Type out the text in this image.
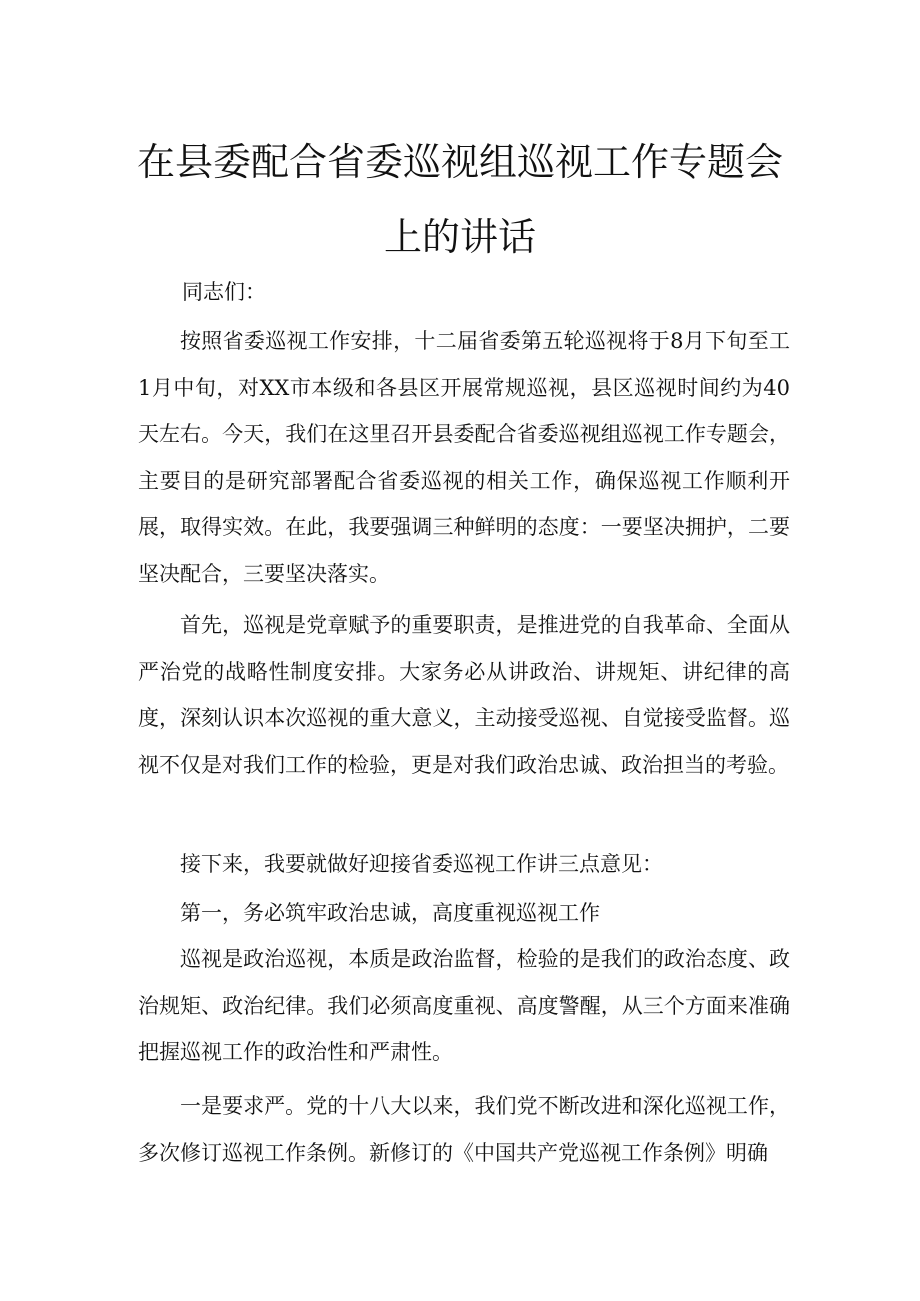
在县委配合省委巡视组巡视工作专题会
上的讲话
同志们：

按照省委巡视工作安排，十二届省委第五轮巡视将于8月下旬至工1月中旬，对XX市本级和各县区开展常规巡视，县区巡视时间约为40天左右。今天，我们在这里召开县委配合省委巡视组巡视工作专题会，主要目的是研究部署配合省委巡视的相关工作，确保巡视工作顺利开展，取得实效。在此，我要强调三种鲜明的态度：一要坚决拥护，二要坚决配合，三要坚决落实。

首先，巡视是党章赋予的重要职责，是推进党的自我革命、全面从严治党的战略性制度安排。大家务必从讲政治、讲规矩、讲纪律的高度，深刻认识本次巡视的重大意义，主动接受巡视、自觉接受监督。巡视不仅是对我们工作的检验，更是对我们政治忠诚、政治担当的考验。

接下来，我要就做好迎接省委巡视工作讲三点意见：

第一，务必筑牢政治忠诚，高度重视巡视工作

巡视是政治巡视，本质是政治监督，检验的是我们的政治态度、政治规矩、政治纪律。我们必须高度重视、高度警醒，从三个方面来准确把握巡视工作的政治性和严肃性。

一是要求严。党的十八大以来，我们党不断改进和深化巡视工作，多次修订巡视工作条例。新修订的《中国共产党巡视工作条例》明确
